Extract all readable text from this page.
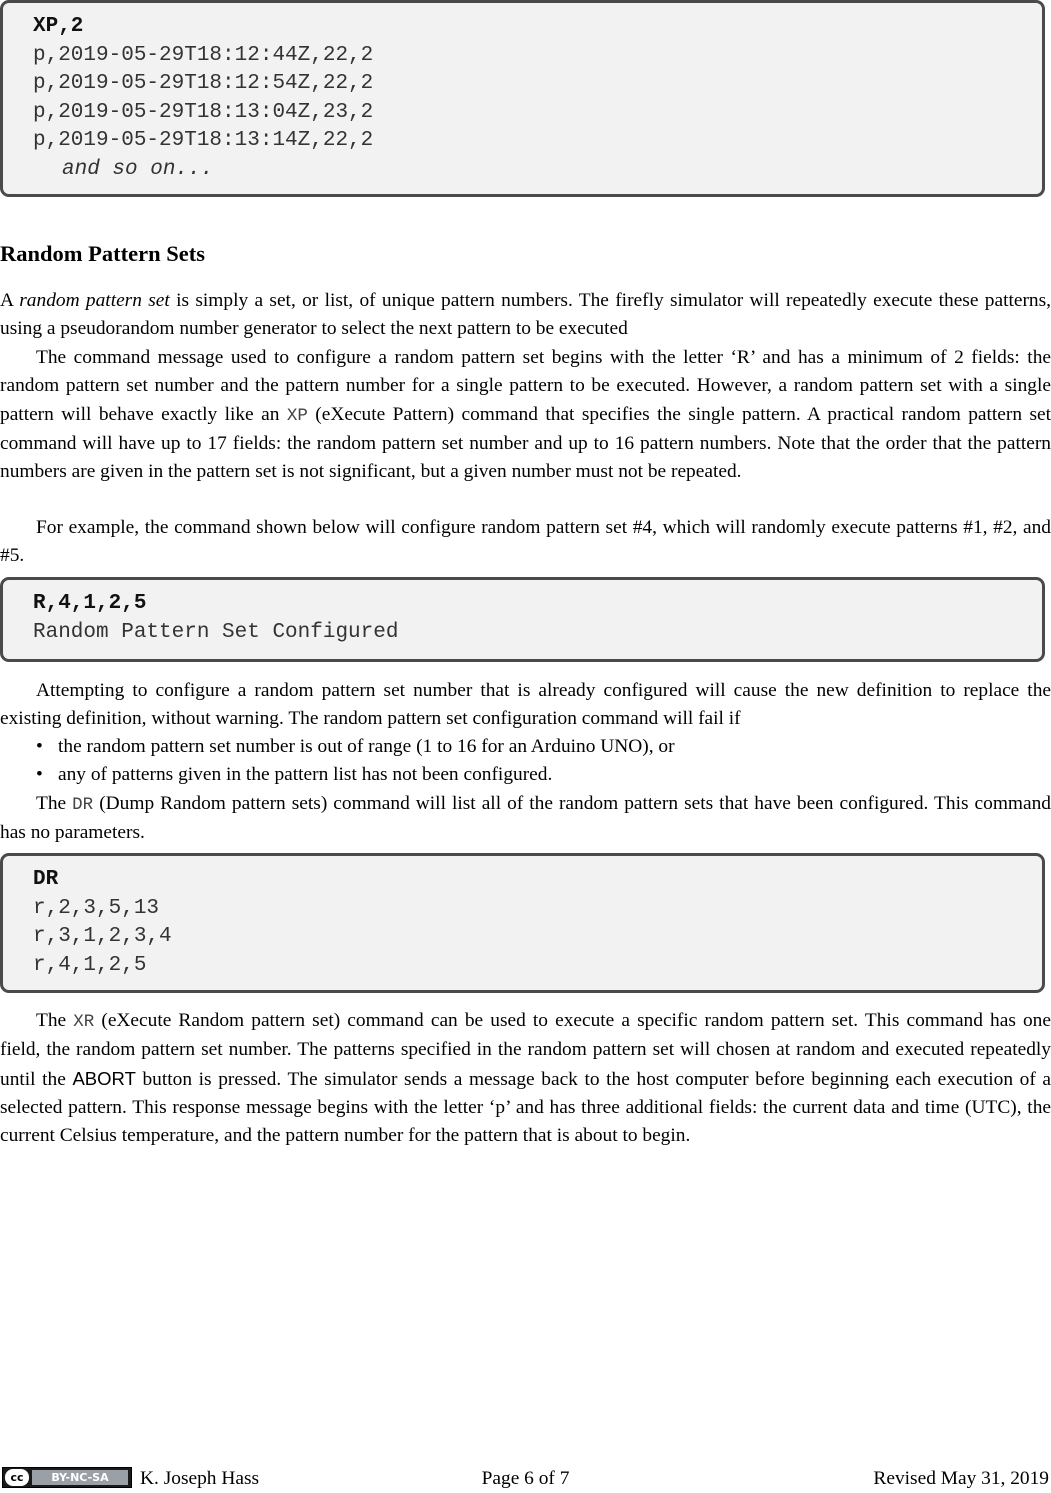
XP,2
p,2019-05-29T18:12:44Z,22,2
p,2019-05-29T18:12:54Z,22,2
p,2019-05-29T18:13:04Z,23,2
p,2019-05-29T18:13:14Z,22,2
and so on...
Random Pattern Sets

A random pattern set is simply a set, or list, of unique pattern numbers. The firefly simulator will repeatedly execute these patterns, using a pseudorandom number generator to select the next pattern to be executed

The command message used to configure a random pattern set begins with the letter ‘R’ and has a minimum of 2 fields: the random pattern set number and the pattern number for a single pattern to be executed. However, a random pattern set with a single pattern will behave exactly like an XP (eXecute Pattern) command that specifies the single pattern. A practical random pattern set command will have up to 17 fields: the random pattern set number and up to 16 pattern numbers. Note that the order that the pattern numbers are given in the pattern set is not significant, but a given number must not be repeated.

For example, the command shown below will configure random pattern set #4, which will randomly execute patterns #1, #2, and #5.

R,4,1,2,5
Random Pattern Set Configured

Attempting to configure a random pattern set number that is already configured will cause the new definition to replace the existing definition, without warning. The random pattern set configuration command will fail if

• the random pattern set number is out of range (1 to 16 for an Arduino UNO), or
• any of patterns given in the pattern list has not been configured.

The DR (Dump Random pattern sets) command will list all of the random pattern sets that have been configured. This command has no parameters.

DR
r,2,3,5,13
r,3,1,2,3,4
r,4,1,2,5

The XR (eXecute Random pattern set) command can be used to execute a specific random pattern set. This command has one field, the random pattern set number. The patterns specified in the random pattern set will chosen at random and executed repeatedly until the ABORT button is pressed. The simulator sends a message back to the host computer before beginning each execution of a selected pattern. This response message begins with the letter ‘p’ and has three additional fields: the current data and time (UTC), the current Celsius temperature, and the pattern number for the pattern that is about to begin.

cc	BY-NC-SA	K. Joseph Hass	Page 6 of 7	Revised May 31, 2019
